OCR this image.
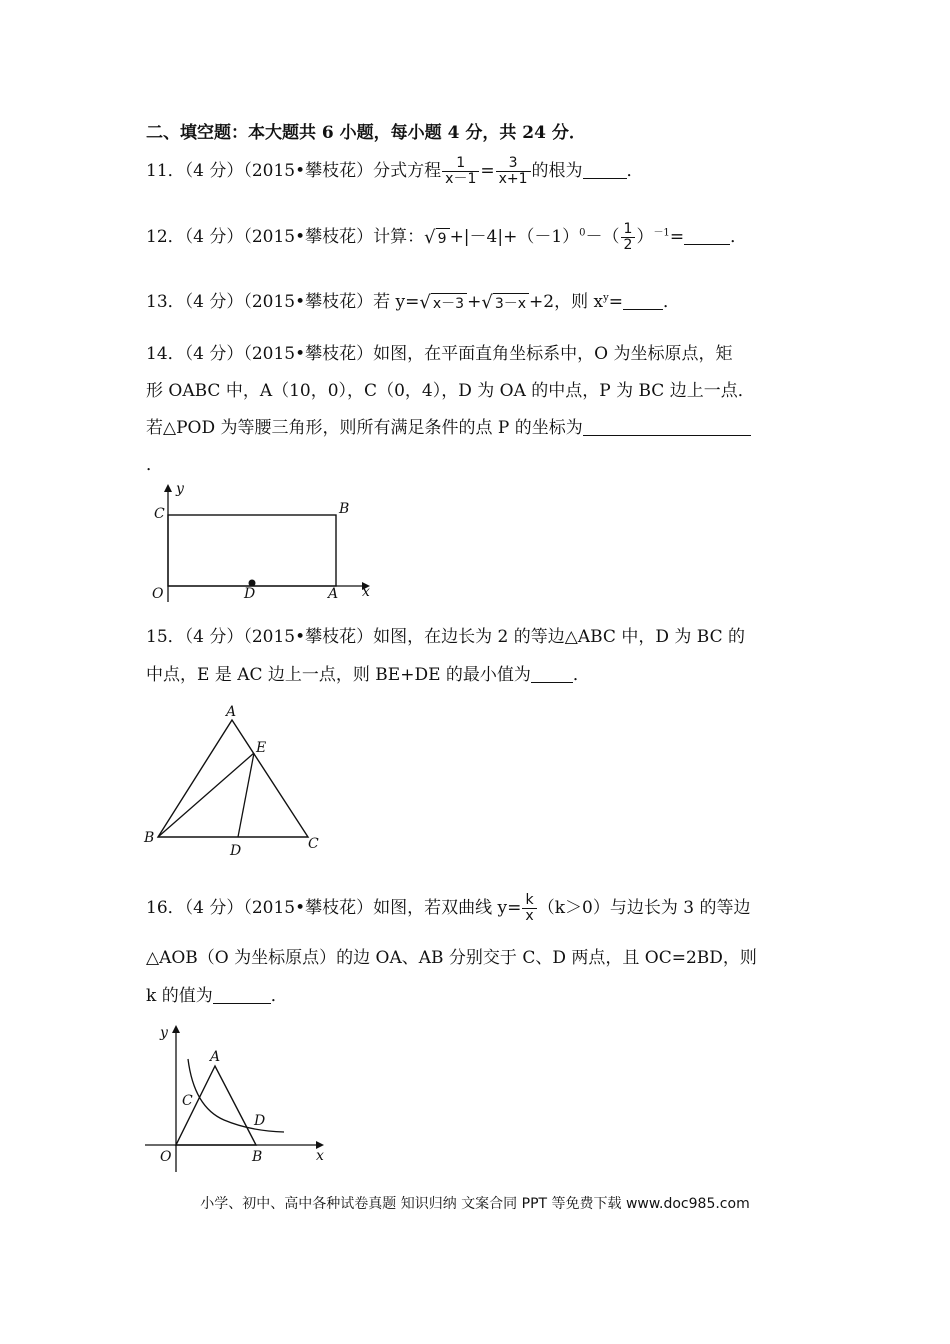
二、填空题：本大题共 6 小题，每小题 4 分，共 24 分．
11．（4 分）（2015•攀枝花）分式方程 $\frac{1}{x-1} = \frac{3}{x+1}$ 的根为	．
12．（4 分）（2015•攀枝花）计算： √ $9 +|-4|+(-1)^0-( \frac{1}{2} )^{-1}=$	．
13．（4 分）（2015•攀枝花）若 y= √ x－3 + √ 3－x +2，则 $x^y=$ ．
14．（4 分）（2015•攀枝花）如图，在平面直角坐标系中，O 为坐标原点，矩
形 OABC 中，A（10，0），C（0，4），D 为 OA 的中点，P 为 BC 边上一点．
若△POD 为等腰三角形，则所有满足条件的点 P 的坐标为
．
y
x
C	B
O	D	A
15．（4 分）（2015•攀枝花）如图，在边长为 2 的等边△ABC 中，D 为 BC 的
中点，E 是 AC 边上一点，则 BE+DE 的最小值为 ．
A
E
B
D	C
16．（4 分）（2015•攀枝花）如图，若双曲线 $y= \frac{k}{x} (k>0)$与边长为 3 的等边
△AOB（O 为坐标原点）的边 OA、AB 分别交于 C、D 两点，且 OC=2BD，则
k 的值为	．
y
A
C
D
O	B	x
小学、初中、高中各种试卷真题 知识归纳 文案合同 PPT 等免费下载 www.doc985.com
